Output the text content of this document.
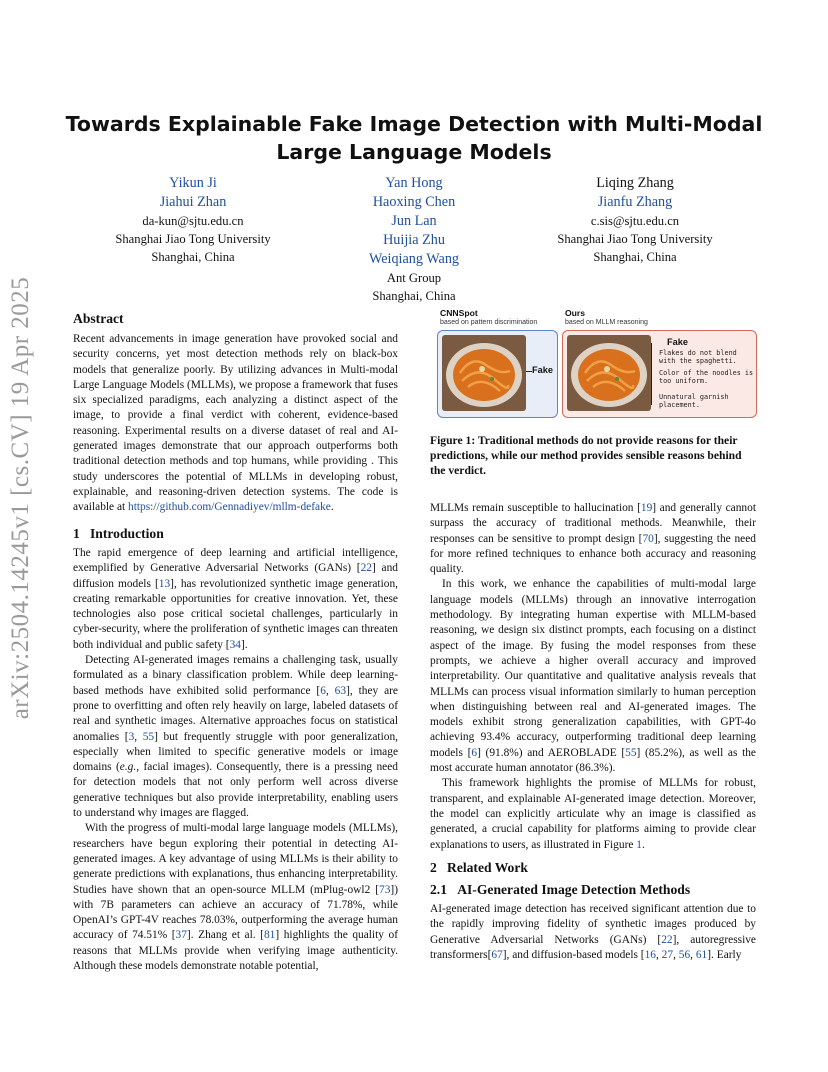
arXiv:2504.14245v1 [cs.CV] 19 Apr 2025
Towards Explainable Fake Image Detection with Multi-Modal
Large Language Models
Yikun Ji
Jiahui Zhan
da-kun@sjtu.edu.cn
Shanghai Jiao Tong University
Shanghai, China
Yan Hong
Haoxing Chen
Jun Lan
Huijia Zhu
Weiqiang Wang
Ant Group
Shanghai, China
Liqing Zhang
Jianfu Zhang
c.sis@sjtu.edu.cn
Shanghai Jiao Tong University
Shanghai, China
Abstract

Recent advancements in image generation have provoked social and security concerns, yet most detection methods rely on black-box models that generalize poorly. By utilizing advances in Multi-modal Large Language Models (MLLMs), we propose a framework that fuses six specialized paradigms, each analyzing a distinct aspect of the image, to provide a final verdict with coherent, evidence-based reasoning. Experimental results on a diverse dataset of real and AI-generated images demonstrate that our approach outperforms both traditional detection methods and top humans, while providing . This study underscores the potential of MLLMs in developing robust, explainable, and reasoning-driven detection systems. The code is available at https://github.com/Gennadiyev/mllm-defake.

CNNSpot
based on pattern discrimination
Ours
based on MLLM reasoning
Fake
Fake
Flakes do not blend
with the spaghetti.
Color of the noodles is
too uniform.
Unnatural garnish
placement.
Figure 1: Traditional methods do not provide reasons for their predictions, while our method provides sensible reasons behind the verdict.
1 Introduction

The rapid emergence of deep learning and artificial intelligence, exemplified by Generative Adversarial Networks (GANs) [22] and diffusion models [13], has revolutionized synthetic image generation, creating remarkable opportunities for creative innovation. Yet, these technologies also pose critical societal challenges, particularly in cyber-security, where the proliferation of synthetic images can threaten both individual and public safety [34].

Detecting AI-generated images remains a challenging task, usually formulated as a binary classification problem. While deep learning-based methods have exhibited solid performance [6, 63], they are prone to overfitting and often rely heavily on large, labeled datasets of real and synthetic images. Alternative approaches focus on statistical anomalies [3, 55] but frequently struggle with poor generalization, especially when limited to specific generative models or image domains (e.g., facial images). Consequently, there is a pressing need for detection models that not only perform well across diverse generative techniques but also provide interpretability, enabling users to understand why images are flagged.

With the progress of multi-modal large language models (MLLMs), researchers have begun exploring their potential in detecting AI-generated images. A key advantage of using MLLMs is their ability to generate predictions with explanations, thus enhancing interpretability. Studies have shown that an open-source MLLM (mPlug-owl2 [73]) with 7B parameters can achieve an accuracy of 71.78%, while OpenAI’s GPT-4V reaches 78.03%, outperforming the average human accuracy of 74.51% [37]. Zhang et al. [81] highlights the quality of reasons that MLLMs provide when verifying image authenticity. Although these models demonstrate notable potential,

MLLMs remain susceptible to hallucination [19] and generally cannot surpass the accuracy of traditional methods. Meanwhile, their responses can be sensitive to prompt design [70], suggesting the need for more refined techniques to enhance both accuracy and reasoning quality.

In this work, we enhance the capabilities of multi-modal large language models (MLLMs) through an innovative interrogation methodology. By integrating human expertise with MLLM-based reasoning, we design six distinct prompts, each focusing on a distinct aspect of the image. By fusing the model responses from these prompts, we achieve a higher overall accuracy and improved interpretability. Our quantitative and qualitative analysis reveals that MLLMs can process visual information similarly to human perception when distinguishing between real and AI-generated images. The models exhibit strong generalization capabilities, with GPT-4o achieving 93.4% accuracy, outperforming traditional deep learning models [6] (91.8%) and AEROBLADE [55] (85.2%), as well as the most accurate human annotator (86.3%).

This framework highlights the promise of MLLMs for robust, transparent, and explainable AI-generated image detection. Moreover, the model can explicitly articulate why an image is classified as generated, a crucial capability for platforms aiming to provide clear explanations to users, as illustrated in Figure 1.

2 Related Work
2.1 AI-Generated Image Detection Methods

AI-generated image detection has received significant attention due to the rapidly improving fidelity of synthetic images produced by Generative Adversarial Networks (GANs) [22], autoregressive transformers[67], and diffusion-based models [16, 27, 56, 61]. Early
